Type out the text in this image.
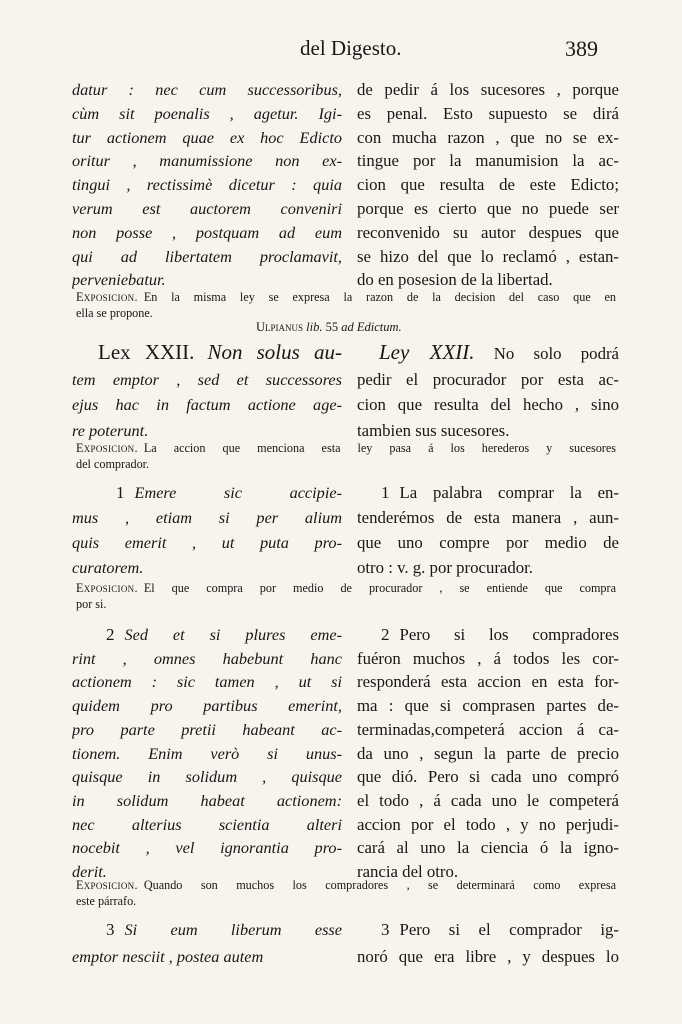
del Digesto.	389
datur : nec cum successoribus,
cùm sit poenalis , agetur. Igi-
tur actionem quae ex hoc Edicto
oritur , manumissione non ex-
tingui , rectissimè dicetur : quia
verum est auctorem conveniri
non posse , postquam ad eum
qui ad libertatem proclamavit,
perveniebatur.
de pedir á los sucesores , porque
es penal. Esto supuesto se dirá
con mucha razon , que no se ex-
tingue por la manumision la ac-
cion que resulta de este Edicto;
porque es cierto que no puede ser
reconvenido su autor despues que
se hizo del que lo reclamó , estan-
do en posesion de la libertad.
Exposicion. En la misma ley se expresa la razon de la decision del caso que en
ella se propone.
Ulpianus lib. 55 ad Edictum.
Lex XXII. Non solus au-
tem emptor , sed et successores
ejus hac in factum actione age-
re poterunt.
Ley XXII. No solo podrá
pedir el procurador por esta ac-
cion que resulta del hecho , sino
tambien sus sucesores.
Exposicion. La accion que menciona esta ley pasa á los herederos y sucesores
del comprador.
1 Emere sic accipie-
mus , etiam si per alium
quis emerit , ut puta pro-
curatorem.
1 La palabra comprar la en-
tenderémos de esta manera , aun-
que uno compre por medio de
otro : v. g. por procurador.
Exposicion. El que compra por medio de procurador , se entiende que compra
por si.
2 Sed et si plures eme-
rint , omnes habebunt hanc
actionem : sic tamen , ut si
quidem pro partibus emerint,
pro parte pretii habeant ac-
tionem. Enim verò si unus-
quisque in solidum , quisque
in solidum habeat actionem:
nec alterius scientia alteri
nocebit , vel ignorantia pro-
derit.
2 Pero si los compradores
fuéron muchos , á todos les cor-
responderá esta accion en esta for-
ma : que si comprasen partes de-
terminadas,competerá accion á ca-
da uno , segun la parte de precio
que dió. Pero si cada uno compró
el todo , á cada uno le competerá
accion por el todo , y no perjudi-
cará al uno la ciencia ó la igno-
rancia del otro.
Exposicion. Quando son muchos los compradores , se determinará como expresa
este párrafo.
3 Si eum liberum esse
emptor nesciit , postea autem
3 Pero si el comprador ig-
noró que era libre , y despues lo
